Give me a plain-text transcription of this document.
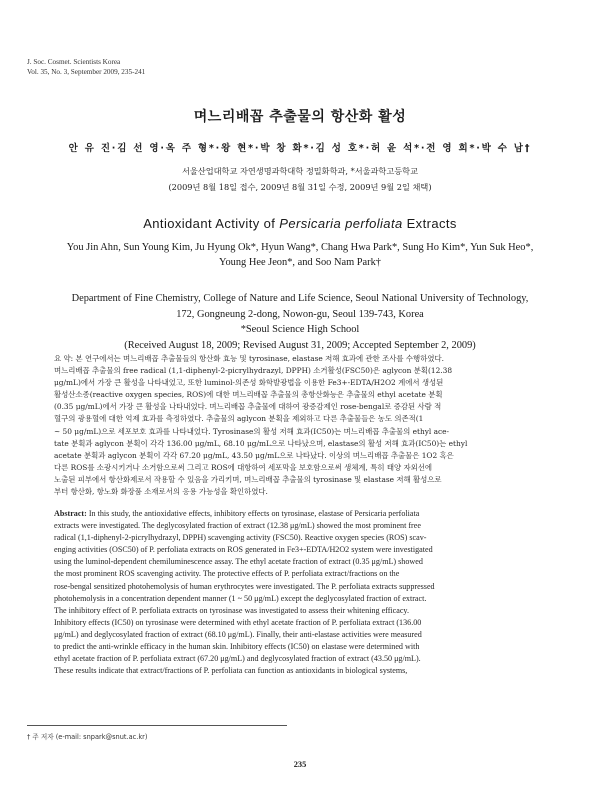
J. Soc. Cosmet. Scientists Korea
Vol. 35, No. 3, September 2009, 235-241
며느리배꼽 추출물의 항산화 활성
안 유 진·김 선 영·옥 주 형*·왕 현*·박 창 화*·김 성 호*·허 윤 석*·전 영 희*·박 수 남†
서울산업대학교 자연생명과학대학 정밀화학과, *서울과학고등학교
(2009년 8월 18일 접수, 2009년 8월 31일 수정, 2009년 9월 2일 채택)
Antioxidant Activity of Persicaria perfoliata Extracts
You Jin Ahn, Sun Young Kim, Ju Hyung Ok*, Hyun Wang*, Chang Hwa Park*, Sung Ho Kim*, Yun Suk Heo*,
Young Hee Jeon*, and Soo Nam Park†
Department of Fine Chemistry, College of Nature and Life Science, Seoul National University of Technology,
172, Gongneung 2-dong, Nowon-gu, Seoul 139-743, Korea
*Seoul Science High School
(Received August 18, 2009; Revised August 31, 2009; Accepted September 2, 2009)
요 약: 본 연구에서는 며느리배꼽 추출물들의 항산화 효능 및 tyrosinase, elastase 저해 효과에 관한 조사를 수행하였다.
며느리배꼽 추출물의 free radical (1,1-diphenyl-2-picrylhydrazyl, DPPH) 소거활성(FSC50)은 aglycon 분획(12.38
μg/mL)에서 가장 큰 활성을 나타내었고, 또한 luminol-의존성 화학발광법을 이용한 Fe3+-EDTA/H2O2 계에서 생성된
활성산소종(reactive oxygen species, ROS)에 대한 며느리배꼽 추출물의 총항산화능은 추출물의 ethyl acetate 분획
(0.35 μg/mL)에서 가장 큰 활성을 나타내었다. 며느리배꼽 추출물에 대하여 광증감제인 rose-bengal로 증감된 사람 적
혈구의 광용혈에 대한 억제 효과를 측정하였다. 추출물의 aglycon 분획을 제외하고 다른 추출물들은 농도 의존적(1
~ 50 μg/mL)으로 세포보호 효과를 나타내었다. Tyrosinase의 활성 저해 효과(IC50)는 며느리배꼽 추출물의 ethyl ace-
tate 분획과 aglycon 분획이 각각 136.00 μg/mL, 68.10 μg/mL으로 나타났으며, elastase의 활성 저해 효과(IC50)는 ethyl
acetate 분획과 aglycon 분획이 각각 67.20 μg/mL, 43.50 μg/mL으로 나타났다. 이상의 며느리배꼽 추출물은 1O2 혹은
다른 ROS를 소광시키거나 소거함으로써 그리고 ROS에 대항하여 세포막을 보호함으로써 생체계, 특히 태양 자외선에
노출된 피부에서 항산화제로서 작용할 수 있음을 가리키며, 며느리배꼽 추출물의 tyrosinase 및 elastase 저해 활성으로
부터 항산화, 항노화 화장품 소재로서의 응용 가능성을 확인하였다.
Abstract: In this study, the antioxidative effects, inhibitory effects on tyrosinase, elastase of Persicaria perfoliata
extracts were investigated. The deglycosylated fraction of extract (12.38 μg/mL) showed the most prominent free
radical (1,1-diphenyl-2-picrylhydrazyl, DPPH) scavenging activity (FSC50). Reactive oxygen species (ROS) scav-
enging activities (OSC50) of P. perfoliata extracts on ROS generated in Fe3+-EDTA/H2O2 system were investigated
using the luminol-dependent chemiluminescence assay. The ethyl acetate fraction of extract (0.35 μg/mL) showed
the most prominent ROS scavenging activity. The protective effects of P. perfoliata extract/fractions on the
rose-bengal sensitized photohemolysis of human erythrocytes were investigated. The P. perfoliata extracts suppressed
photohemolysis in a concentration dependent manner (1 ~ 50 μg/mL) except the deglycosylated fraction of extract.
The inhibitory effect of P. perfoliata extracts on tyrosinase was investigated to assess their whitening efficacy.
Inhibitory effects (IC50) on tyrosinase were determined with ethyl acetate fraction of P. perfoliata extract (136.00
μg/mL) and deglycosylated fraction of extract (68.10 μg/mL). Finally, their anti-elastase activities were measured
to predict the anti-wrinkle efficacy in the human skin. Inhibitory effects (IC50) on elastase were determined with
ethyl acetate fraction of P. perfoliata extract (67.20 μg/mL) and deglycosylated fraction of extract (43.50 μg/mL).
These results indicate that extract/fractions of P. perfoliata can function as antioxidants in biological systems,
† 주 저자 (e-mail: snpark@snut.ac.kr)
235
